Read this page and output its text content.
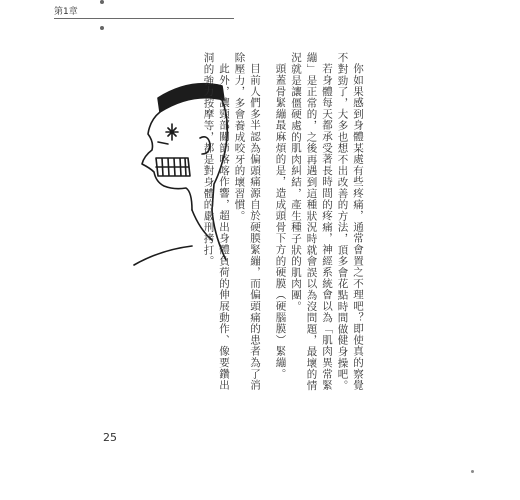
第1章

你如果感到身體某處有些疼痛，通常會置之不理吧？即使真的察覺不對勁了，大多也想不出改善的方法，頂多會花點時間做健身操吧。

若身體每天都承受著長時間的疼痛，神經系統會以為「肌肉異常緊繃」是正常的，之後再遇到這種狀況時就會誤以為沒問題，最壞的情況就是讓僵硬處的肌肉糾結，產生種子狀的肌肉團。

頭蓋骨緊繃最麻煩的是，造成頭骨下方的硬膜（硬腦膜）緊繃。

目前人們多半認為偏頭痛源自於硬膜緊繃，而偏頭痛的患者為了消除壓力，多會養成咬牙的壞習慣。

此外，讓頸部關節喀喀作響，超出身體負荷的伸展動作、像要鑽出洞的強力按摩等，都是對身體的嚴刑拷打。

25
